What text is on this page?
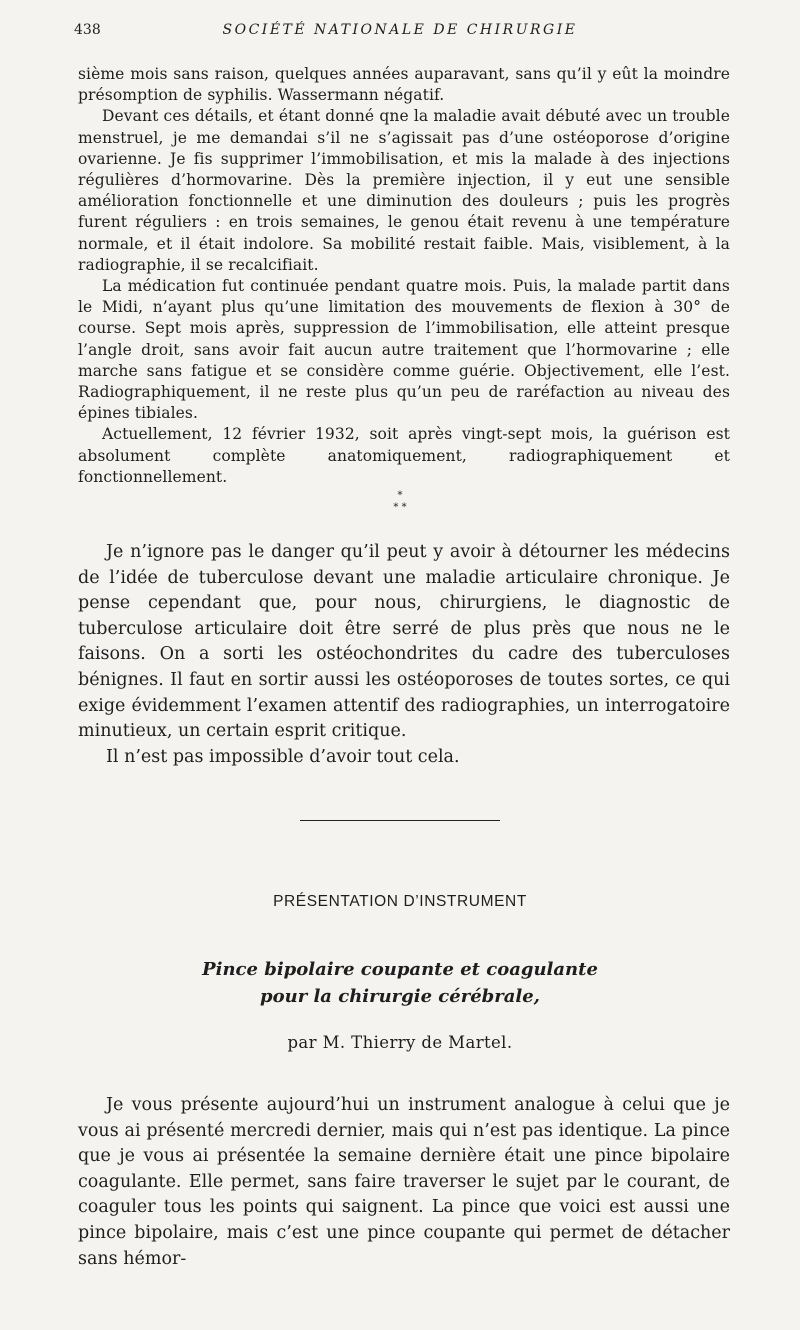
438	SOCIÉTÉ NATIONALE DE CHIRURGIE

sième mois sans raison, quelques années auparavant, sans qu’il y eût la moindre présomption de syphilis. Wassermann négatif.

Devant ces détails, et étant donné qne la maladie avait débuté avec un trouble menstruel, je me demandai s’il ne s’agissait pas d’une ostéoporose d’origine ovarienne. Je fis supprimer l’immobilisation, et mis la malade à des injections régulières d’hormovarine. Dès la première injection, il y eut une sensible amélioration fonctionnelle et une diminution des douleurs ; puis les progrès furent réguliers : en trois semaines, le genou était revenu à une température normale, et il était indolore. Sa mobilité restait faible. Mais, visiblement, à la radiographie, il se recalcifiait.

La médication fut continuée pendant quatre mois. Puis, la malade partit dans le Midi, n’ayant plus qu’une limitation des mouvements de flexion à 30° de course. Sept mois après, suppression de l’immobilisation, elle atteint presque l’angle droit, sans avoir fait aucun autre traitement que l’hormovarine ; elle marche sans fatigue et se considère comme guérie. Objectivement, elle l’est. Radiographiquement, il ne reste plus qu’un peu de raréfaction au niveau des épines tibiales.

Actuellement, 12 février 1932, soit après vingt-sept mois, la guérison est absolument complète anatomiquement, radiographiquement et fonctionnellement.

*
* *

Je n’ignore pas le danger qu’il peut y avoir à détourner les médecins de l’idée de tuberculose devant une maladie articulaire chronique. Je pense cependant que, pour nous, chirurgiens, le diagnostic de tuberculose articulaire doit être serré de plus près que nous ne le faisons. On a sorti les ostéochondrites du cadre des tuberculoses bénignes. Il faut en sortir aussi les ostéoporoses de toutes sortes, ce qui exige évidemment l’examen attentif des radiographies, un interrogatoire minutieux, un certain esprit critique.

Il n’est pas impossible d’avoir tout cela.

PRÉSENTATION D’INSTRUMENT
Pince bipolaire coupante et coagulante
pour la chirurgie cérébrale,
par M. Thierry de Martel.

Je vous présente aujourd’hui un instrument analogue à celui que je vous ai présenté mercredi dernier, mais qui n’est pas identique. La pince que je vous ai présentée la semaine dernière était une pince bipolaire coagulante. Elle permet, sans faire traverser le sujet par le courant, de coaguler tous les points qui saignent. La pince que voici est aussi une pince bipolaire, mais c’est une pince coupante qui permet de détacher sans hémor-
